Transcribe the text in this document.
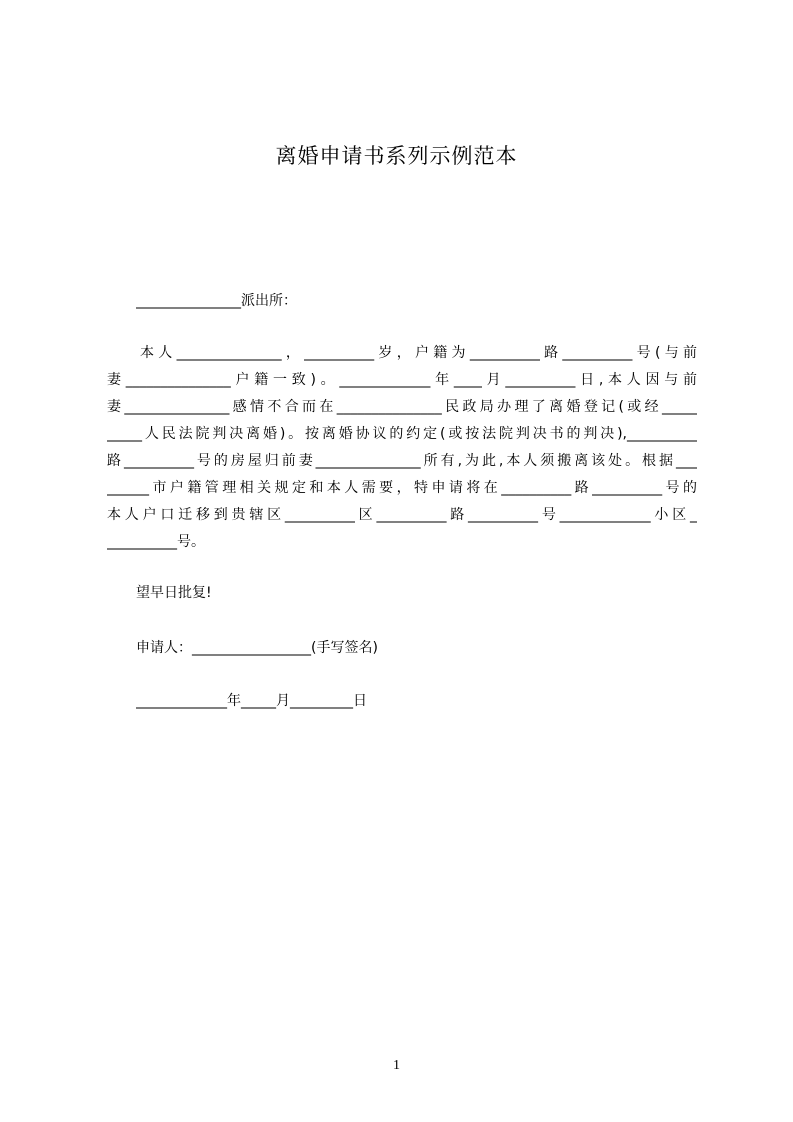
离婚申请书系列示例范本
_______________派出所：
本人_______________，__________岁，户籍为__________路__________号(与前
妻_______________户籍一致)。_____________年____月__________日,本人因与前
妻_______________感情不合而在_______________民政局办理了离婚登记(或经_____
_____人民法院判决离婚)。按离婚协议的约定(或按法院判决书的判决),__________
路__________号的房屋归前妻_______________所有,为此,本人须搬离该处。根据___
______市户籍管理相关规定和本人需要，特申请将在__________路__________号的
本人户口迁移到贵辖区__________区__________路__________号_____________小区_
__________号。
望早日批复!
申请人：_________________(手写签名)
_____________年_____月_________日
1
